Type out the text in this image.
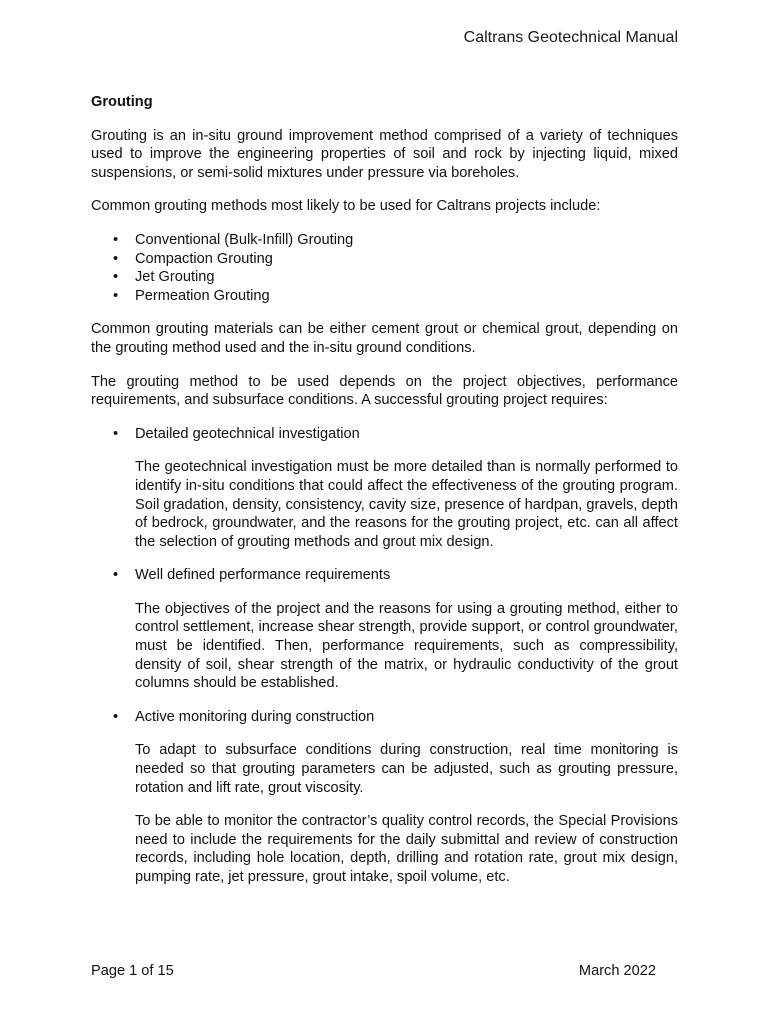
Caltrans Geotechnical Manual
Grouting

Grouting is an in-situ ground improvement method comprised of a variety of techniques used to improve the engineering properties of soil and rock by injecting liquid, mixed suspensions, or semi-solid mixtures under pressure via boreholes.

Common grouting methods most likely to be used for Caltrans projects include:

• Conventional (Bulk-Infill) Grouting
• Compaction Grouting
• Jet Grouting
• Permeation Grouting

Common grouting materials can be either cement grout or chemical grout, depending on the grouting method used and the in-situ ground conditions.

The grouting method to be used depends on the project objectives, performance requirements, and subsurface conditions. A successful grouting project requires:

• Detailed geotechnical investigation

The geotechnical investigation must be more detailed than is normally performed to identify in-situ conditions that could affect the effectiveness of the grouting program. Soil gradation, density, consistency, cavity size, presence of hardpan, gravels, depth of bedrock, groundwater, and the reasons for the grouting project, etc. can all affect the selection of grouting methods and grout mix design.

• Well defined performance requirements

The objectives of the project and the reasons for using a grouting method, either to control settlement, increase shear strength, provide support, or control groundwater, must be identified. Then, performance requirements, such as compressibility, density of soil, shear strength of the matrix, or hydraulic conductivity of the grout columns should be established.

• Active monitoring during construction

To adapt to subsurface conditions during construction, real time monitoring is needed so that grouting parameters can be adjusted, such as grouting pressure, rotation and lift rate, grout viscosity.

To be able to monitor the contractor’s quality control records, the Special Provisions need to include the requirements for the daily submittal and review of construction records, including hole location, depth, drilling and rotation rate, grout mix design, pumping rate, jet pressure, grout intake, spoil volume, etc.

Page 1 of 15	March 2022
